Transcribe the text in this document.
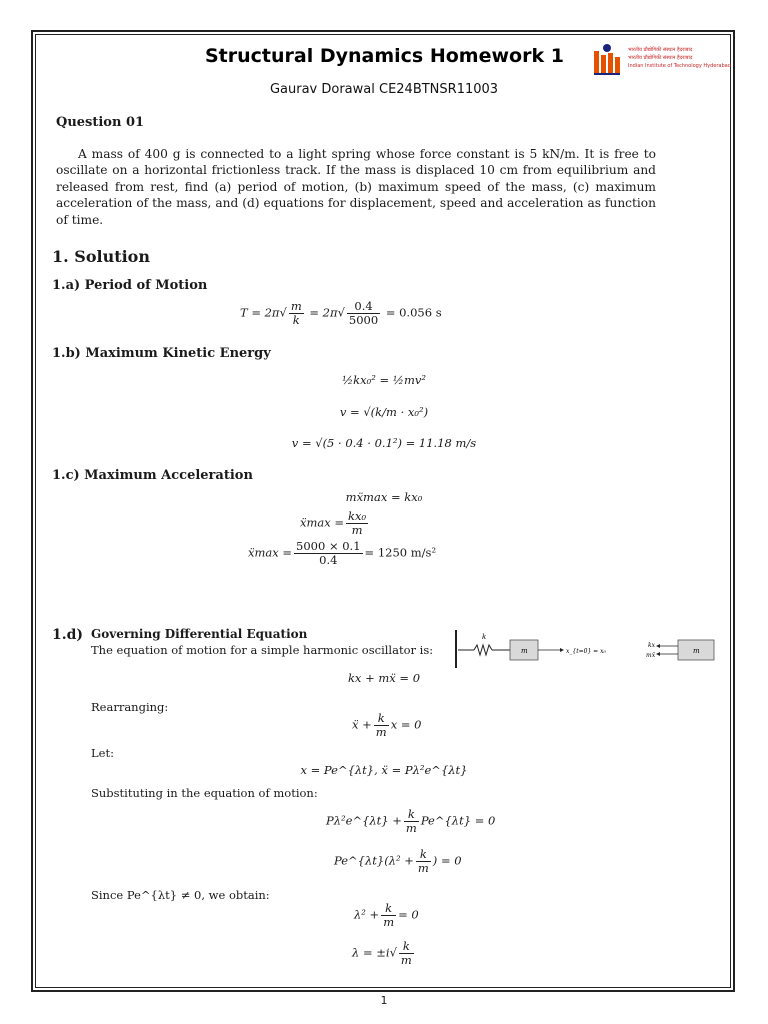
Structural Dynamics Homework 1
Gaurav Dorawal CE24BTNSR11003
भारतीय प्रौद्योगिकी संस्थान हैदराबाद
भारतीय प्रौद्योगिकी संस्थान हैदराबाद
Indian Institute of Technology Hyderabad
Question 01
A mass of 400 g is connected to a light spring whose force constant is 5 kN/m. It is free to oscillate on a horizontal frictionless track. If the mass is displaced 10 cm from equilibrium and released from rest, find (a) period of motion, (b) maximum speed of the mass, (c) maximum acceleration of the mass, and (d) equations for displacement, speed and acceleration as function of time.
1. Solution
1.a) Period of Motion
$T = 2\pi√ \frac{m}{k} = 2\pi√ \frac{0.4}{5000} = 0.056$ s
1.b) Maximum Kinetic Energy
½kx₀² = ½mv²
v = √(k/m · x₀²)
v = √(5 · 0.4 · 0.1²) = 11.18 m/s
1.c) Maximum Acceleration
mẍmax = kx₀
ẍmax = $\frac{\text{kx₀}}{m}$
ẍmax = $\frac{5000 \times 0.1}{0.4} = 1250$ m/s²
1.d) Governing Differential Equation
The equation of motion for a simple harmonic oscillator is:
k
m	x_{t=0} = x₀
kx
mẍ
m
kx + mẍ = 0
Rearranging:
ẍ + $\frac{k}{m}$ x = 0
Let:
x = Pe^{λt}, ẍ = Pλ²e^{λt}
Substituting in the equation of motion:
Pλ²e^{λt} + $\frac{k}{m}$ Pe^{λt} = 0
Pe^{λt}(λ² + $\frac{k}{m}$ ) = 0
Since Pe^{λt} ≠ 0, we obtain:
$\lambda^2 + \frac{k}{m} = 0$
$\lambda = \pm i√ \frac{k}{m}$
1
